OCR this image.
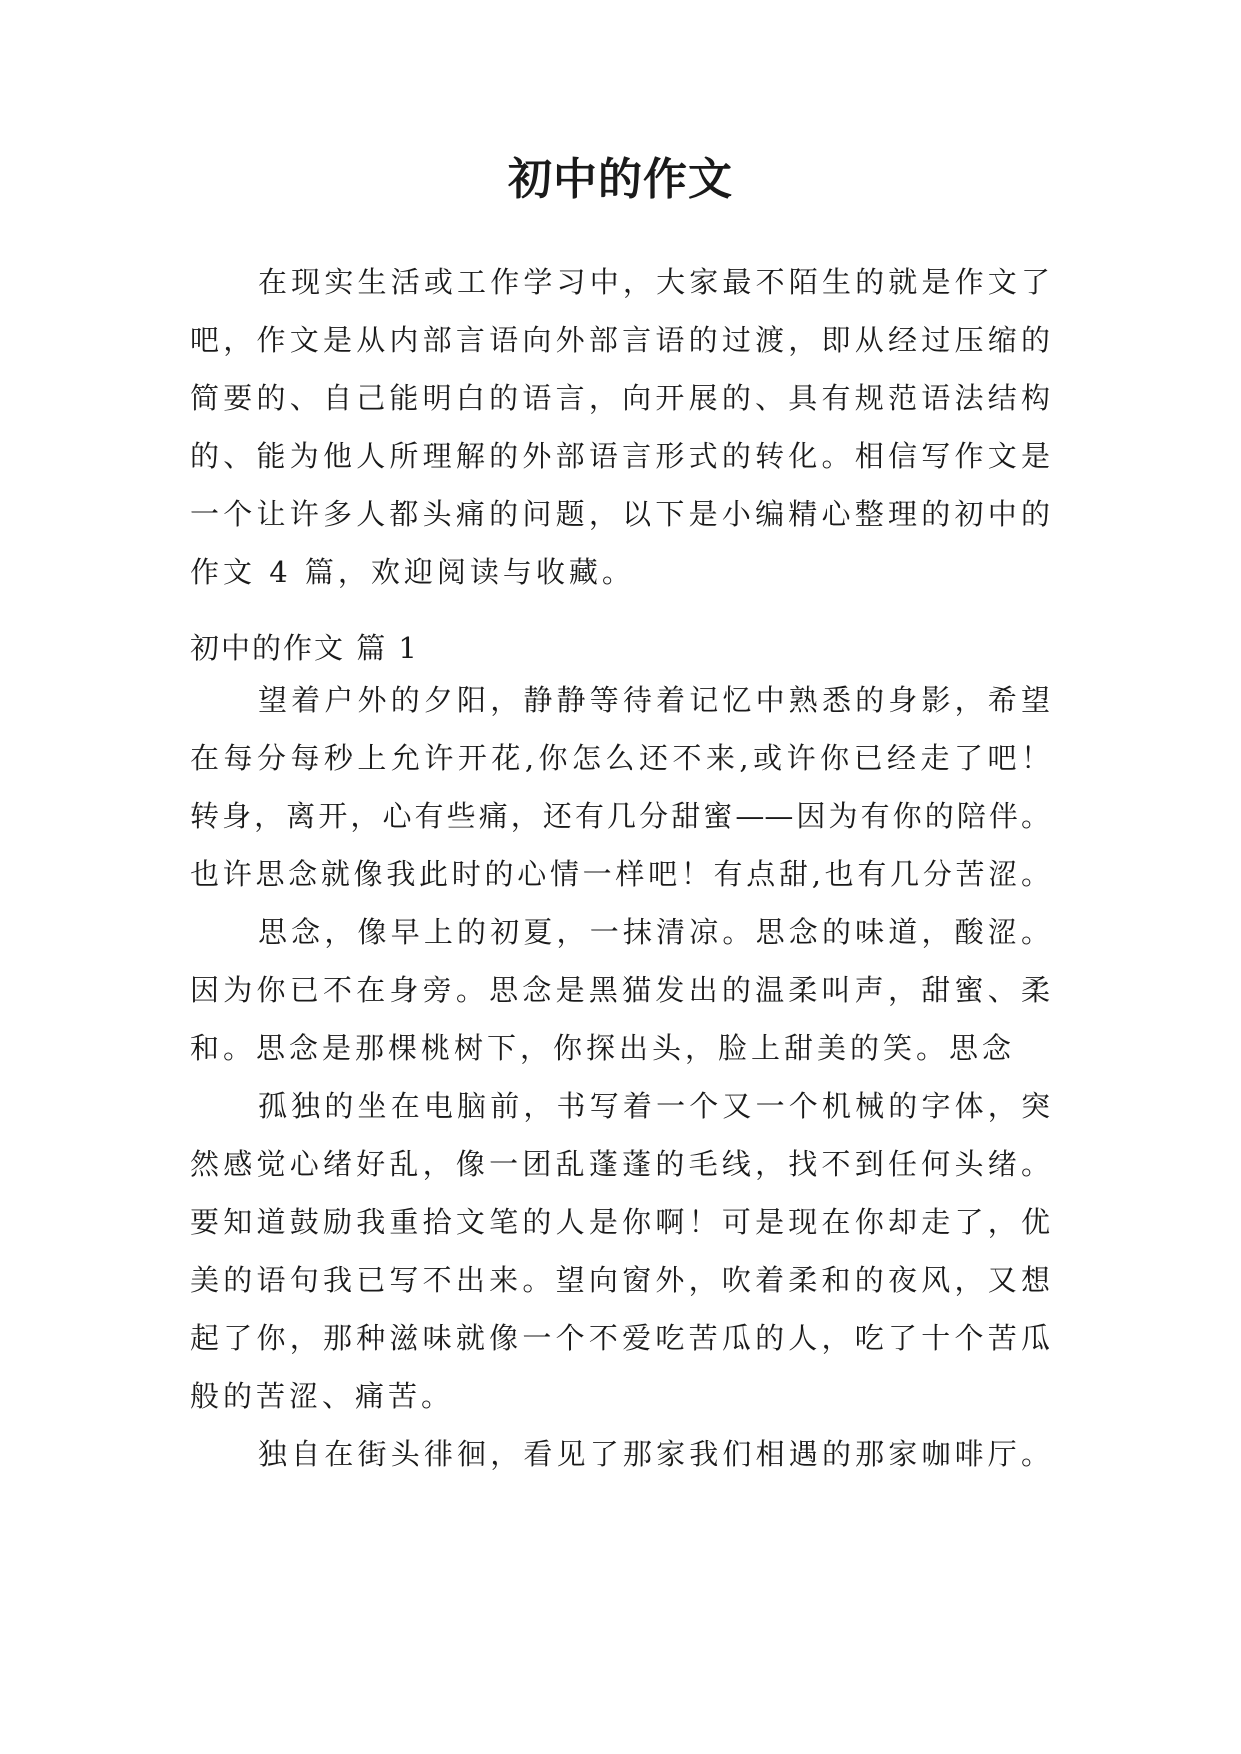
初中的作文
在现实生活或工作学习中，大家最不陌生的就是作文了
吧，作文是从内部言语向外部言语的过渡，即从经过压缩的
简要的、自己能明白的语言，向开展的、具有规范语法结构
的、能为他人所理解的外部语言形式的转化。相信写作文是
一个让许多人都头痛的问题，以下是小编精心整理的初中的
作文 4 篇，欢迎阅读与收藏。
初中的作文 篇 1
望着户外的夕阳，静静等待着记忆中熟悉的身影，希望
在每分每秒上允许开花,你怎么还不来,或许你已经走了吧！
转身，离开，心有些痛，还有几分甜蜜——因为有你的陪伴。
也许思念就像我此时的心情一样吧！有点甜,也有几分苦涩。
思念，像早上的初夏，一抹清凉。思念的味道，酸涩。
因为你已不在身旁。思念是黑猫发出的温柔叫声，甜蜜、柔
和。思念是那棵桃树下，你探出头，脸上甜美的笑。思念
孤独的坐在电脑前，书写着一个又一个机械的字体，突
然感觉心绪好乱，像一团乱蓬蓬的毛线，找不到任何头绪。
要知道鼓励我重拾文笔的人是你啊！可是现在你却走了，优
美的语句我已写不出来。望向窗外，吹着柔和的夜风，又想
起了你，那种滋味就像一个不爱吃苦瓜的人，吃了十个苦瓜
般的苦涩、痛苦。
独自在街头徘徊，看见了那家我们相遇的那家咖啡厅。
